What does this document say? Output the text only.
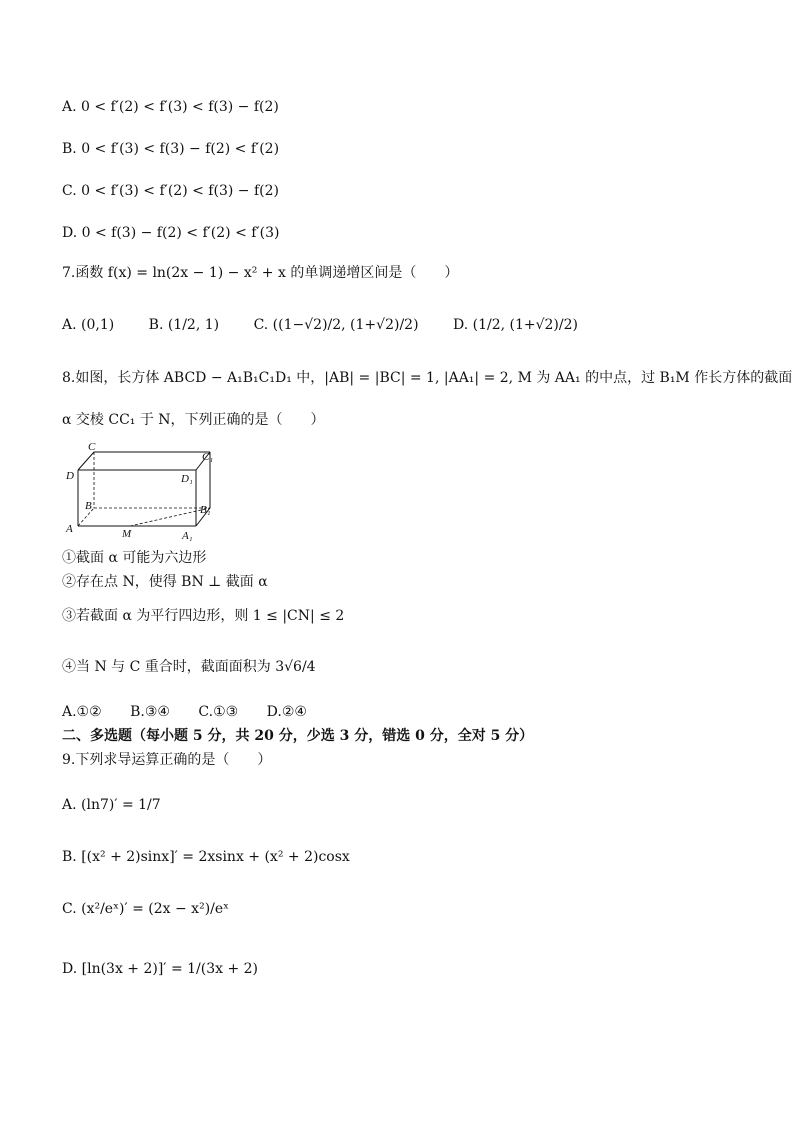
A. 0 < f′(2) < f′(3) < f(3) − f(2)
B. 0 < f′(3) < f(3) − f(2) < f′(2)
C. 0 < f′(3) < f′(2) < f(3) − f(2)
D. 0 < f(3) − f(2) < f′(2) < f′(3)
7.函数 f(x) = ln(2x − 1) − x² + x 的单调递增区间是（　　）
A. (0,1) B. (1/2, 1) C. ((1−√2)/2, (1+√2)/2) D. (1/2, (1+√2)/2)
8.如图，长方体 ABCD − A₁B₁C₁D₁ 中，|AB| = |BC| = 1, |AA₁| = 2, M 为 AA₁ 的中点，过 B₁M 作长方体的截面
α 交棱 CC₁ 于 N，下列正确的是（　　）
C
C₁
D	D₁
B	B₁
A	M	A₁
①截面 α 可能为六边形
②存在点 N，使得 BN ⊥ 截面 α
③若截面 α 为平行四边形，则 1 ≤ |CN| ≤ 2
④当 N 与 C 重合时，截面面积为 3√6/4
A.①② B.③④ C.①③ D.②④
二、多选题（每小题 5 分，共 20 分，少选 3 分，错选 0 分，全对 5 分）
9.下列求导运算正确的是（　　）
A. (ln7)′ = 1/7
B. [(x² + 2)sinx]′ = 2xsinx + (x² + 2)cosx
C. (x²/eˣ)′ = (2x − x²)/eˣ
D. [ln(3x + 2)]′ = 1/(3x + 2)
